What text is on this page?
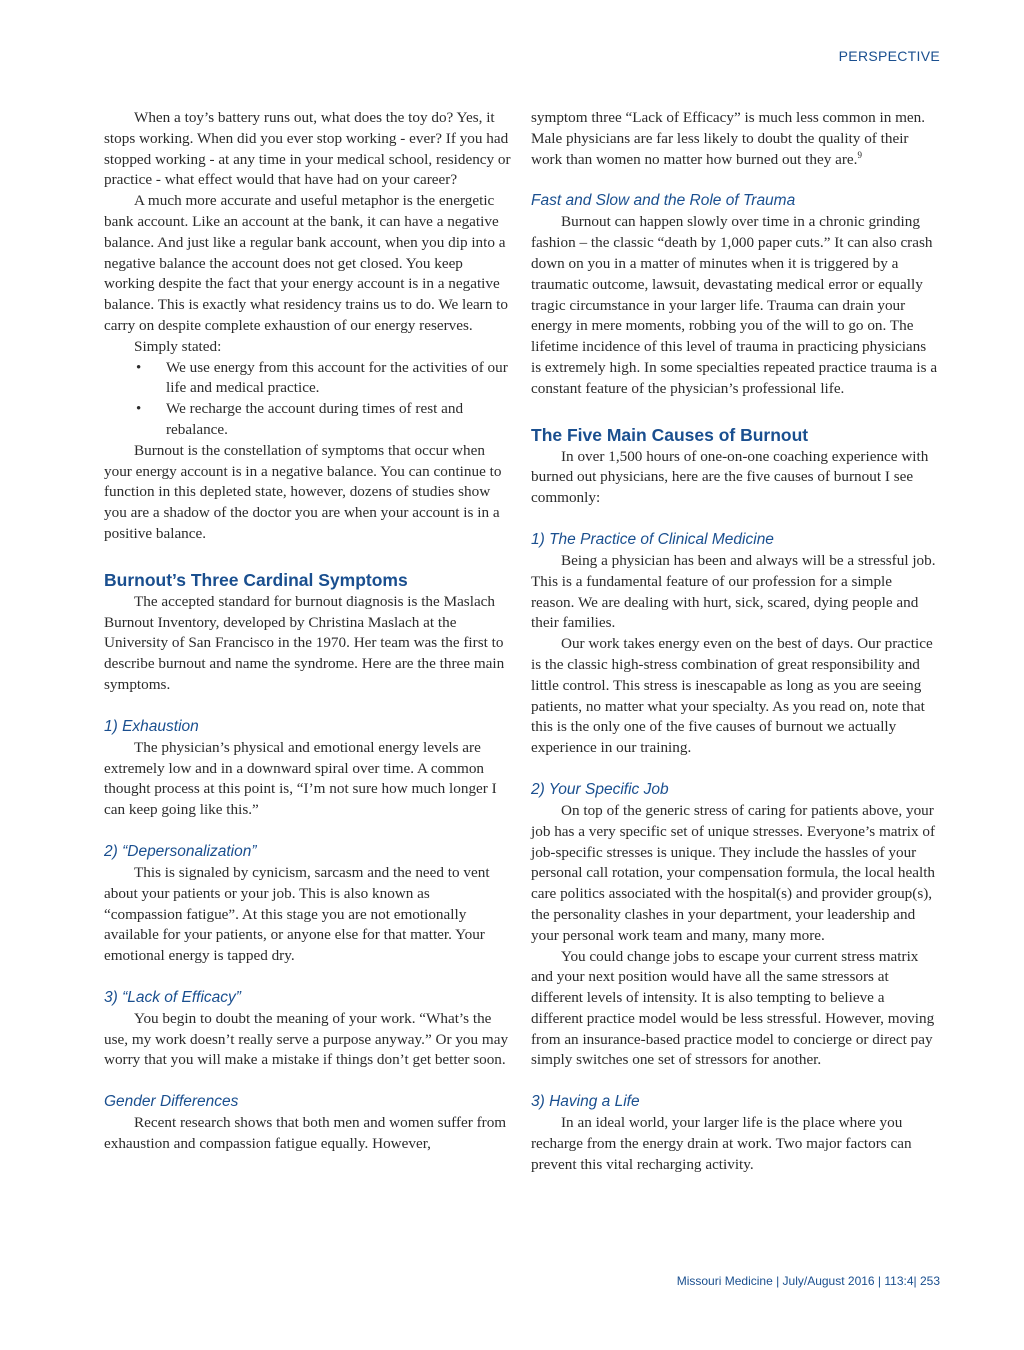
PERSPECTIVE

When a toy’s battery runs out, what does the toy do? Yes, it stops working. When did you ever stop working - ever? If you had stopped working - at any time in your medical school, residency or practice - what effect would that have had on your career?

A much more accurate and useful metaphor is the energetic bank account. Like an account at the bank, it can have a negative balance. And just like a regular bank account, when you dip into a negative balance the account does not get closed. You keep working despite the fact that your energy account is in a negative balance. This is exactly what residency trains us to do. We learn to carry on despite complete exhaustion of our energy reserves.

Simply stated:

• We use energy from this account for the activities of our life and medical practice.
• We recharge the account during times of rest and rebalance.

Burnout is the constellation of symptoms that occur when your energy account is in a negative balance. You can continue to function in this depleted state, however, dozens of studies show you are a shadow of the doctor you are when your account is in a positive balance.

Burnout’s Three Cardinal Symptoms

The accepted standard for burnout diagnosis is the Maslach Burnout Inventory, developed by Christina Maslach at the University of San Francisco in the 1970. Her team was the first to describe burnout and name the syndrome. Here are the three main symptoms.

1) Exhaustion

The physician’s physical and emotional energy levels are extremely low and in a downward spiral over time. A common thought process at this point is, “I’m not sure how much longer I can keep going like this.”

2) “Depersonalization”

This is signaled by cynicism, sarcasm and the need to vent about your patients or your job. This is also known as “compassion fatigue”. At this stage you are not emotionally available for your patients, or anyone else for that matter. Your emotional energy is tapped dry.

3) “Lack of Efficacy”

You begin to doubt the meaning of your work. “What’s the use, my work doesn’t really serve a purpose anyway.” Or you may worry that you will make a mistake if things don’t get better soon.

Gender Differences

Recent research shows that both men and women suffer from exhaustion and compassion fatigue equally. However,

symptom three “Lack of Efficacy” is much less common in men. Male physicians are far less likely to doubt the quality of their work than women no matter how burned out they are.$^9$

Fast and Slow and the Role of Trauma

Burnout can happen slowly over time in a chronic grinding fashion – the classic “death by 1,000 paper cuts.” It can also crash down on you in a matter of minutes when it is triggered by a traumatic outcome, lawsuit, devastating medical error or equally tragic circumstance in your larger life. Trauma can drain your energy in mere moments, robbing you of the will to go on. The lifetime incidence of this level of trauma in practicing physicians is extremely high. In some specialties repeated practice trauma is a constant feature of the physician’s professional life.

The Five Main Causes of Burnout

In over 1,500 hours of one-on-one coaching experience with burned out physicians, here are the five causes of burnout I see commonly:

1) The Practice of Clinical Medicine

Being a physician has been and always will be a stressful job. This is a fundamental feature of our profession for a simple reason. We are dealing with hurt, sick, scared, dying people and their families.

Our work takes energy even on the best of days. Our practice is the classic high-stress combination of great responsibility and little control. This stress is inescapable as long as you are seeing patients, no matter what your specialty. As you read on, note that this is the only one of the five causes of burnout we actually experience in our training.

2) Your Specific Job

On top of the generic stress of caring for patients above, your job has a very specific set of unique stresses. Everyone’s matrix of job-specific stresses is unique. They include the hassles of your personal call rotation, your compensation formula, the local health care politics associated with the hospital(s) and provider group(s), the personality clashes in your department, your leadership and your personal work team and many, many more.

You could change jobs to escape your current stress matrix and your next position would have all the same stressors at different levels of intensity. It is also tempting to believe a different practice model would be less stressful. However, moving from an insurance-based practice model to concierge or direct pay simply switches one set of stressors for another.

3) Having a Life

In an ideal world, your larger life is the place where you recharge from the energy drain at work. Two major factors can prevent this vital recharging activity.

Missouri Medicine | July/August 2016 | 113:4| 253
